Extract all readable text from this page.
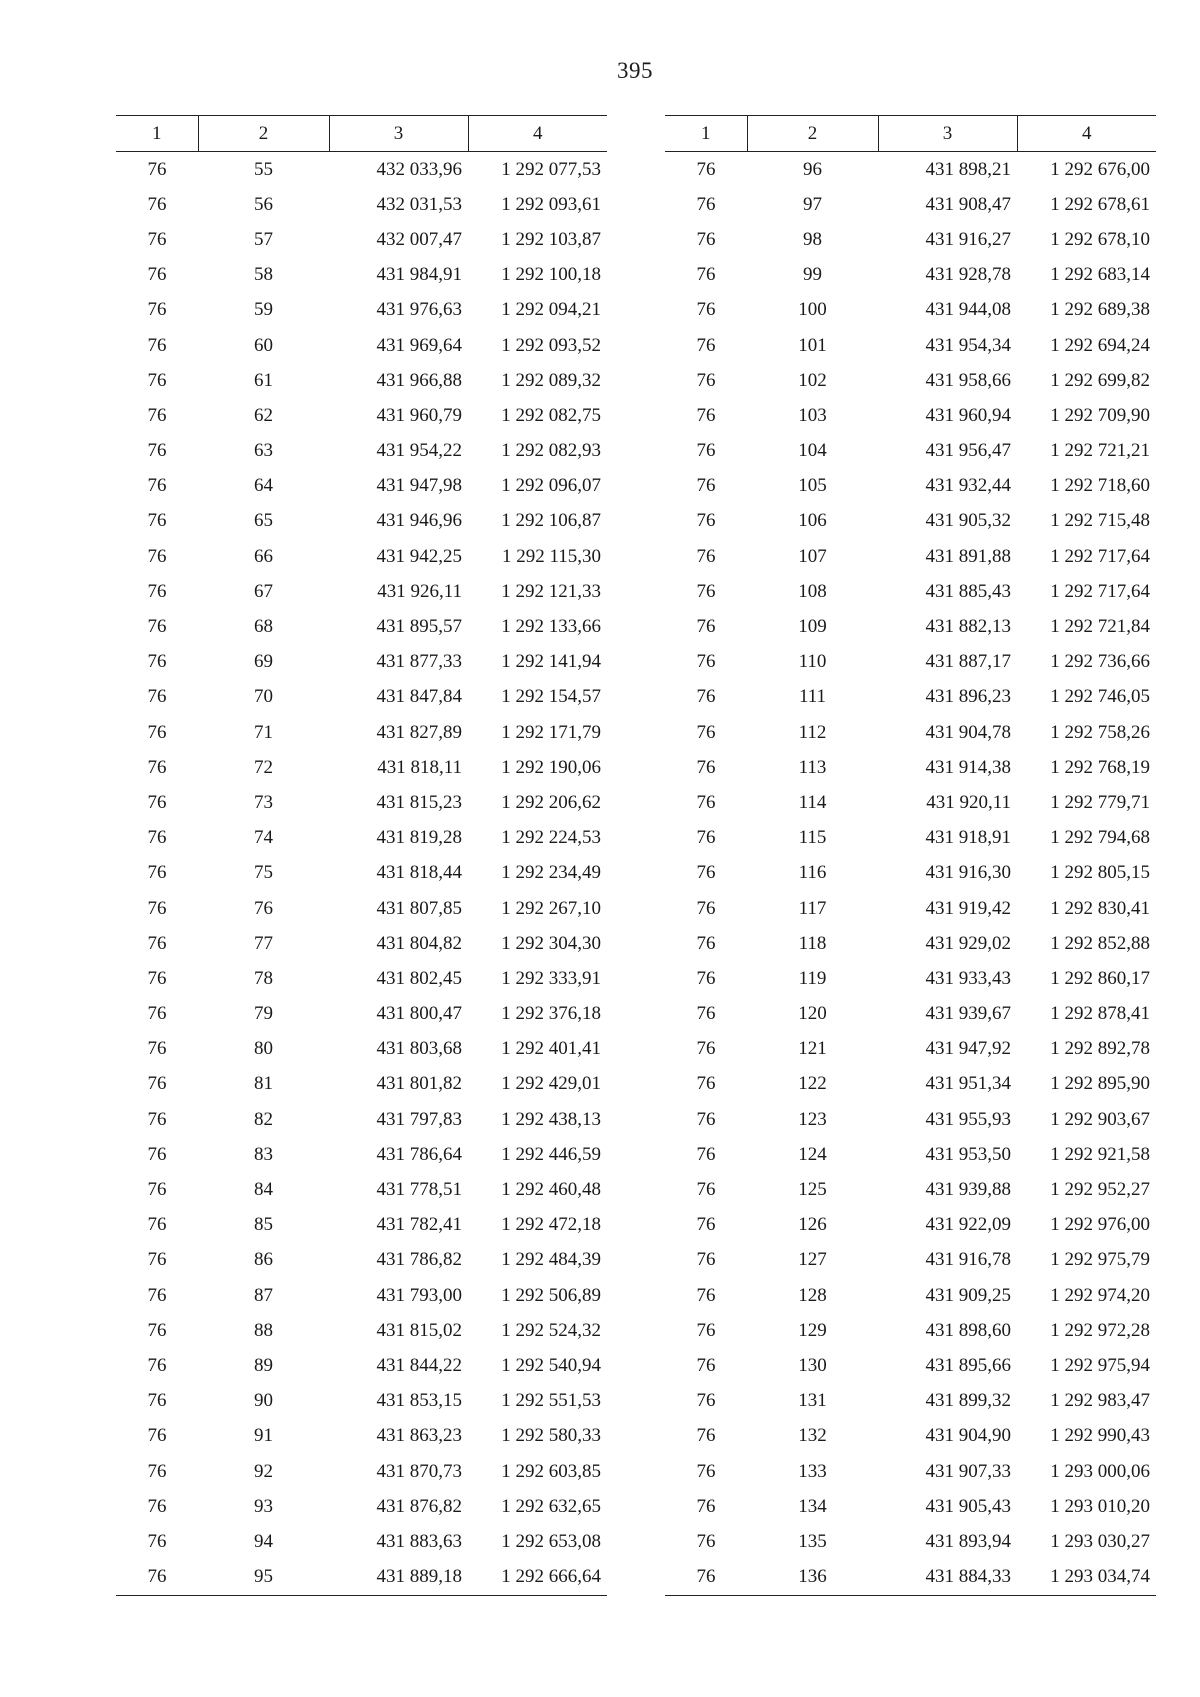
395
1	2	3	4
76	55	432 033,96	1 292 077,53
76	56	432 031,53	1 292 093,61
76	57	432 007,47	1 292 103,87
76	58	431 984,91	1 292 100,18
76	59	431 976,63	1 292 094,21
76	60	431 969,64	1 292 093,52
76	61	431 966,88	1 292 089,32
76	62	431 960,79	1 292 082,75
76	63	431 954,22	1 292 082,93
76	64	431 947,98	1 292 096,07
76	65	431 946,96	1 292 106,87
76	66	431 942,25	1 292 115,30
76	67	431 926,11	1 292 121,33
76	68	431 895,57	1 292 133,66
76	69	431 877,33	1 292 141,94
76	70	431 847,84	1 292 154,57
76	71	431 827,89	1 292 171,79
76	72	431 818,11	1 292 190,06
76	73	431 815,23	1 292 206,62
76	74	431 819,28	1 292 224,53
76	75	431 818,44	1 292 234,49
76	76	431 807,85	1 292 267,10
76	77	431 804,82	1 292 304,30
76	78	431 802,45	1 292 333,91
76	79	431 800,47	1 292 376,18
76	80	431 803,68	1 292 401,41
76	81	431 801,82	1 292 429,01
76	82	431 797,83	1 292 438,13
76	83	431 786,64	1 292 446,59
76	84	431 778,51	1 292 460,48
76	85	431 782,41	1 292 472,18
76	86	431 786,82	1 292 484,39
76	87	431 793,00	1 292 506,89
76	88	431 815,02	1 292 524,32
76	89	431 844,22	1 292 540,94
76	90	431 853,15	1 292 551,53
76	91	431 863,23	1 292 580,33
76	92	431 870,73	1 292 603,85
76	93	431 876,82	1 292 632,65
76	94	431 883,63	1 292 653,08
76	95	431 889,18	1 292 666,64
1	2	3	4
76	96	431 898,21	1 292 676,00
76	97	431 908,47	1 292 678,61
76	98	431 916,27	1 292 678,10
76	99	431 928,78	1 292 683,14
76	100	431 944,08	1 292 689,38
76	101	431 954,34	1 292 694,24
76	102	431 958,66	1 292 699,82
76	103	431 960,94	1 292 709,90
76	104	431 956,47	1 292 721,21
76	105	431 932,44	1 292 718,60
76	106	431 905,32	1 292 715,48
76	107	431 891,88	1 292 717,64
76	108	431 885,43	1 292 717,64
76	109	431 882,13	1 292 721,84
76	110	431 887,17	1 292 736,66
76	111	431 896,23	1 292 746,05
76	112	431 904,78	1 292 758,26
76	113	431 914,38	1 292 768,19
76	114	431 920,11	1 292 779,71
76	115	431 918,91	1 292 794,68
76	116	431 916,30	1 292 805,15
76	117	431 919,42	1 292 830,41
76	118	431 929,02	1 292 852,88
76	119	431 933,43	1 292 860,17
76	120	431 939,67	1 292 878,41
76	121	431 947,92	1 292 892,78
76	122	431 951,34	1 292 895,90
76	123	431 955,93	1 292 903,67
76	124	431 953,50	1 292 921,58
76	125	431 939,88	1 292 952,27
76	126	431 922,09	1 292 976,00
76	127	431 916,78	1 292 975,79
76	128	431 909,25	1 292 974,20
76	129	431 898,60	1 292 972,28
76	130	431 895,66	1 292 975,94
76	131	431 899,32	1 292 983,47
76	132	431 904,90	1 292 990,43
76	133	431 907,33	1 293 000,06
76	134	431 905,43	1 293 010,20
76	135	431 893,94	1 293 030,27
76	136	431 884,33	1 293 034,74
